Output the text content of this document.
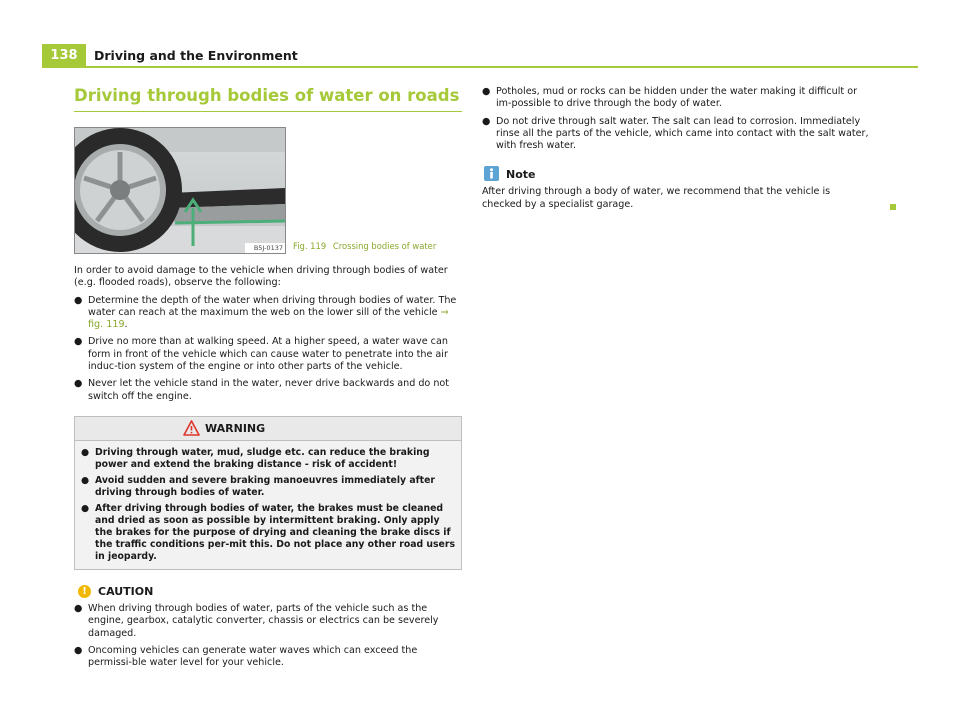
138	Driving and the Environment
Driving through bodies of water on roads
B5J-0137 Fig. 119 Crossing bodies of water

In order to avoid damage to the vehicle when driving through bodies of water (e.g. flooded roads), observe the following:

● Determine the depth of the water when driving through bodies of water. The water can reach at the maximum the web on the lower sill of the vehicle ⇒ fig. 119.

● Drive no more than at walking speed. At a higher speed, a water wave can form in front of the vehicle which can cause water to penetrate into the air induc-tion system of the engine or into other parts of the vehicle.

● Never let the vehicle stand in the water, never drive backwards and do not switch off the engine.

WARNING

● Driving through water, mud, sludge etc. can reduce the braking power and extend the braking distance - risk of accident!

● Avoid sudden and severe braking manoeuvres immediately after driving through bodies of water.

● After driving through bodies of water, the brakes must be cleaned and dried as soon as possible by intermittent braking. Only apply the brakes for the purpose of drying and cleaning the brake discs if the traffic conditions per-mit this. Do not place any other road users in jeopardy.

!	CAUTION

● When driving through bodies of water, parts of the vehicle such as the engine, gearbox, catalytic converter, chassis or electrics can be severely damaged.

● Oncoming vehicles can generate water waves which can exceed the permissi-ble water level for your vehicle.

● Potholes, mud or rocks can be hidden under the water making it difficult or im-possible to drive through the body of water.

● Do not drive through salt water. The salt can lead to corrosion. Immediately rinse all the parts of the vehicle, which came into contact with the salt water, with fresh water.

Note

After driving through a body of water, we recommend that the vehicle is checked by a specialist garage.
